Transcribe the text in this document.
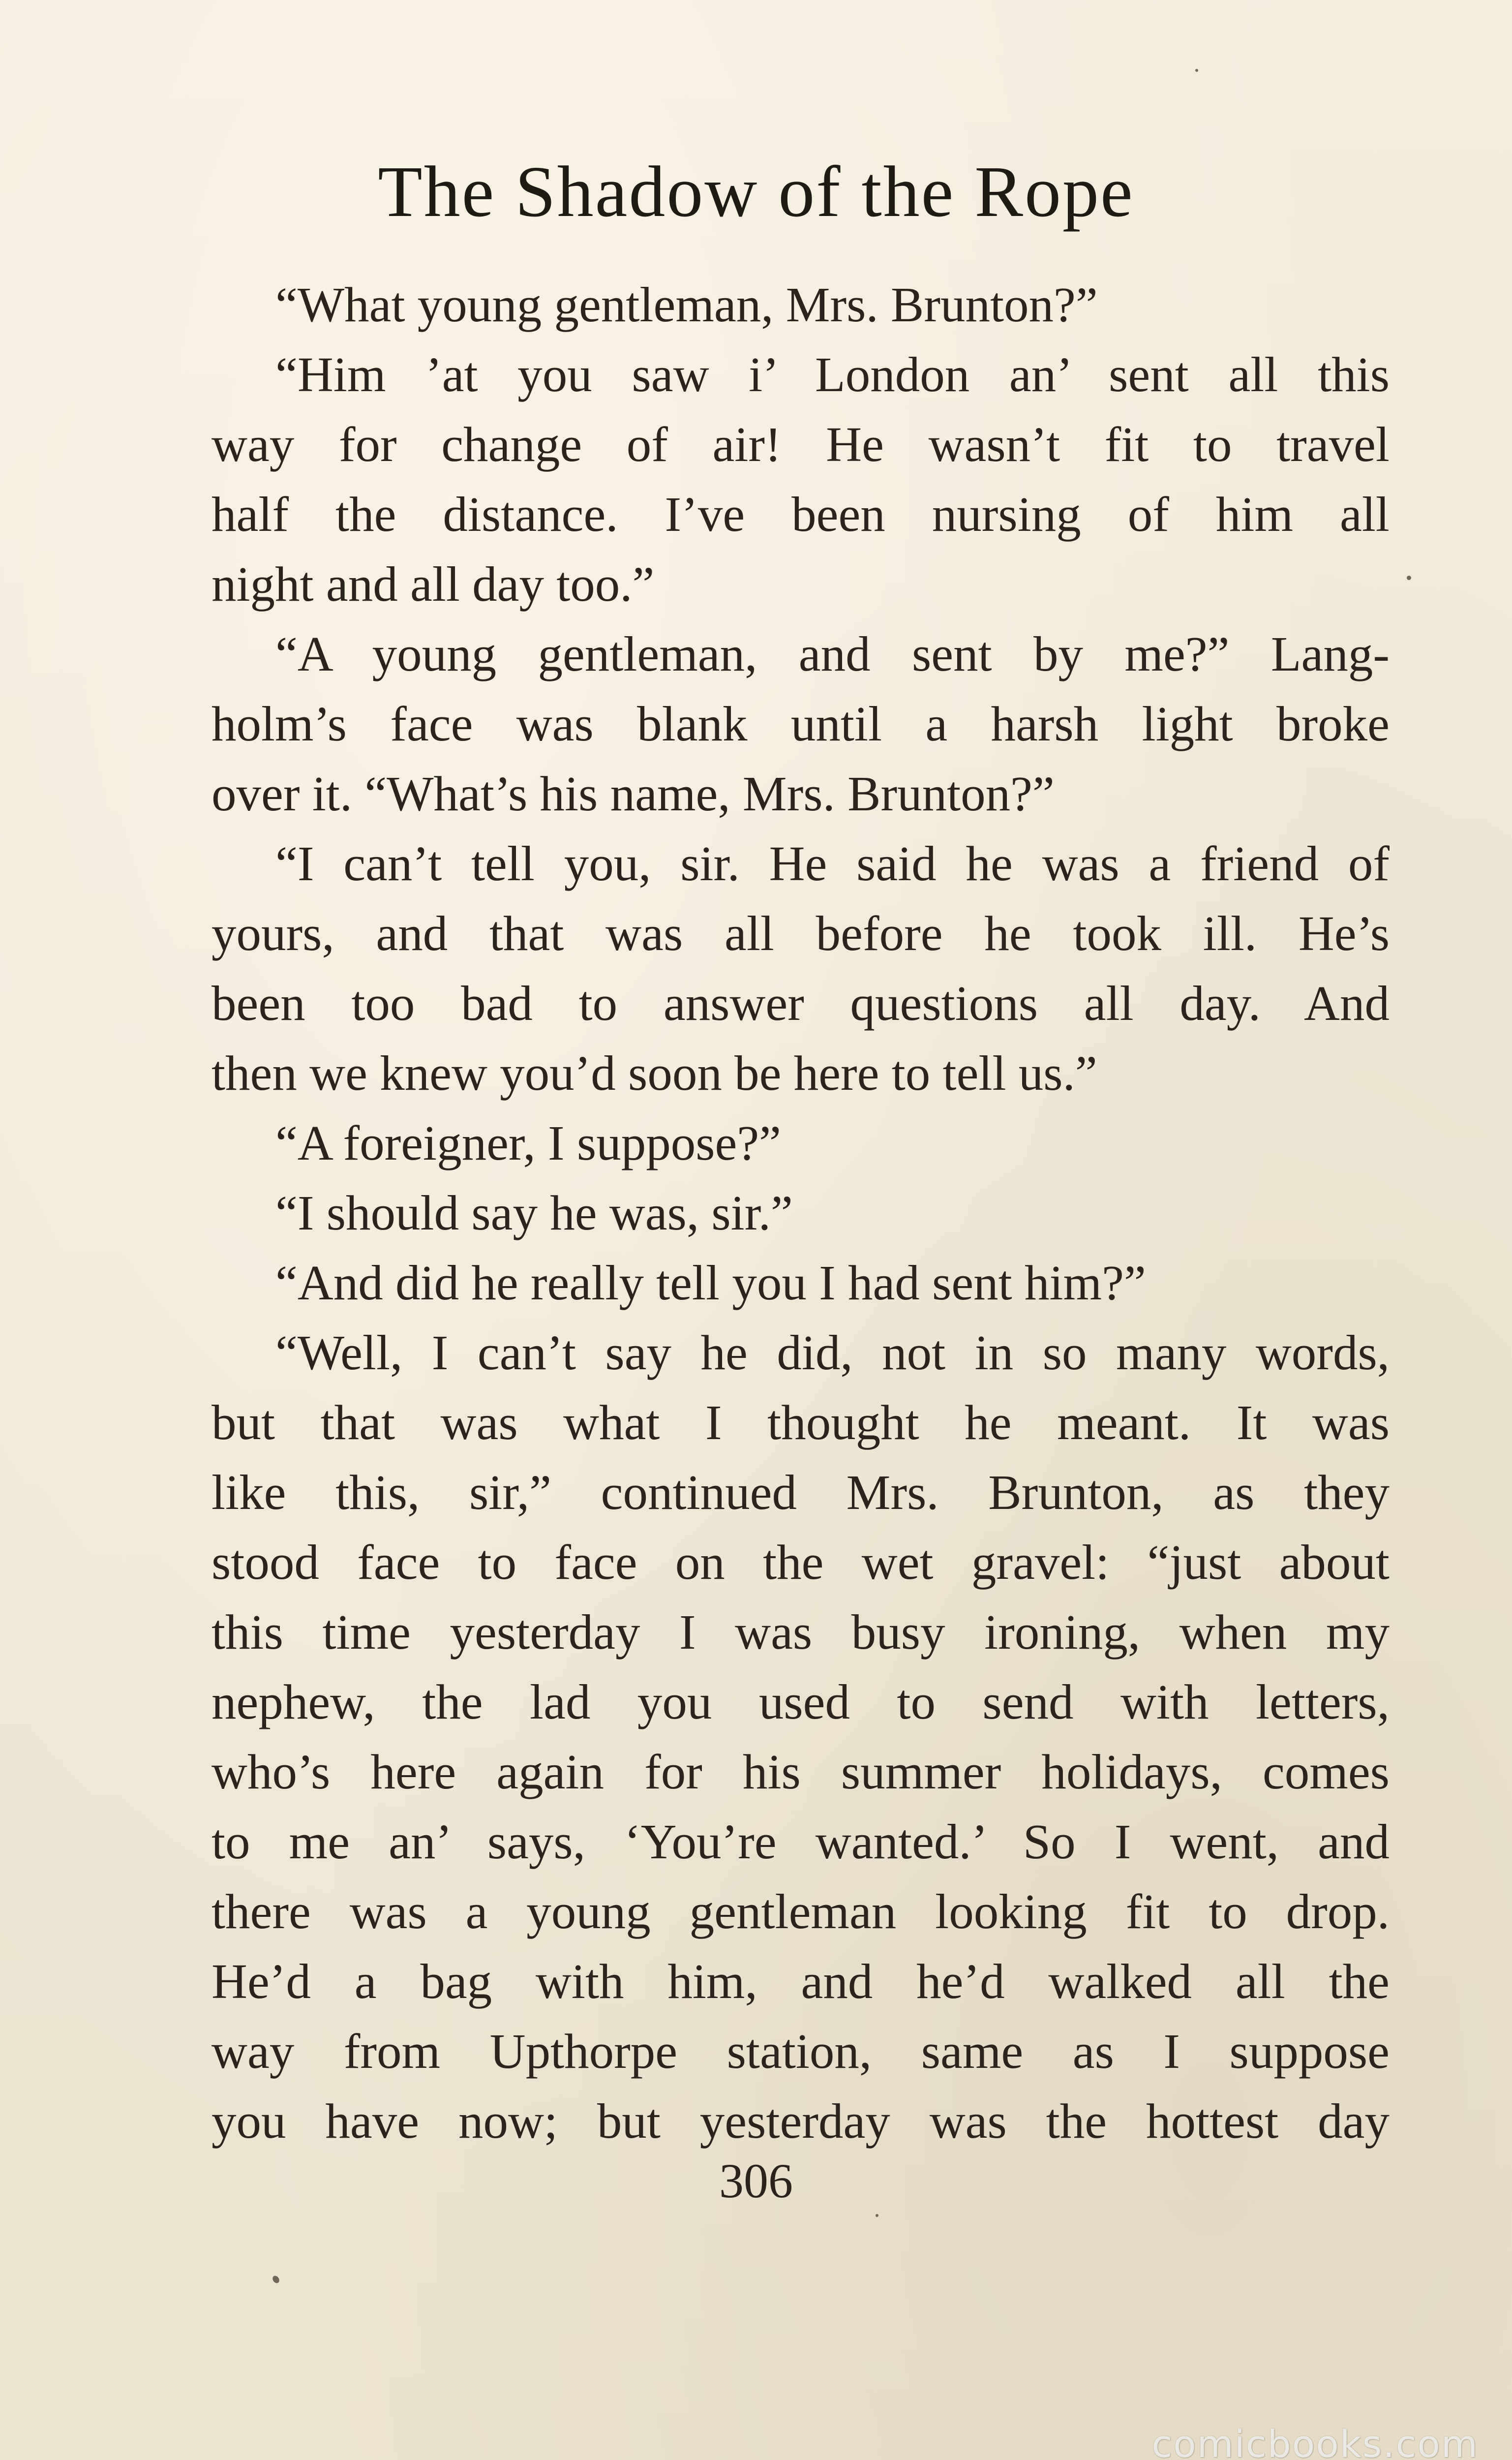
The Shadow of the Rope
“What young gentleman, Mrs. Brunton?”
“Him ’at you saw i’ London an’ sent all this
way for change of air! He wasn’t fit to travel
half the distance. I’ve been nursing of him all
night and all day too.”
“A young gentleman, and sent by me?” Lang-
holm’s face was blank until a harsh light broke
over it. “What’s his name, Mrs. Brunton?”
“I can’t tell you, sir. He said he was a friend of
yours, and that was all before he took ill. He’s
been too bad to answer questions all day. And
then we knew you’d soon be here to tell us.”
“A foreigner, I suppose?”
“I should say he was, sir.”
“And did he really tell you I had sent him?”
“Well, I can’t say he did, not in so many words,
but that was what I thought he meant. It was
like this, sir,” continued Mrs. Brunton, as they
stood face to face on the wet gravel: “just about
this time yesterday I was busy ironing, when my
nephew, the lad you used to send with letters,
who’s here again for his summer holidays, comes
to me an’ says, ‘You’re wanted.’ So I went, and
there was a young gentleman looking fit to drop.
He’d a bag with him, and he’d walked all the
way from Upthorpe station, same as I suppose
you have now; but yesterday was the hottest day
306
comicbooks.com
